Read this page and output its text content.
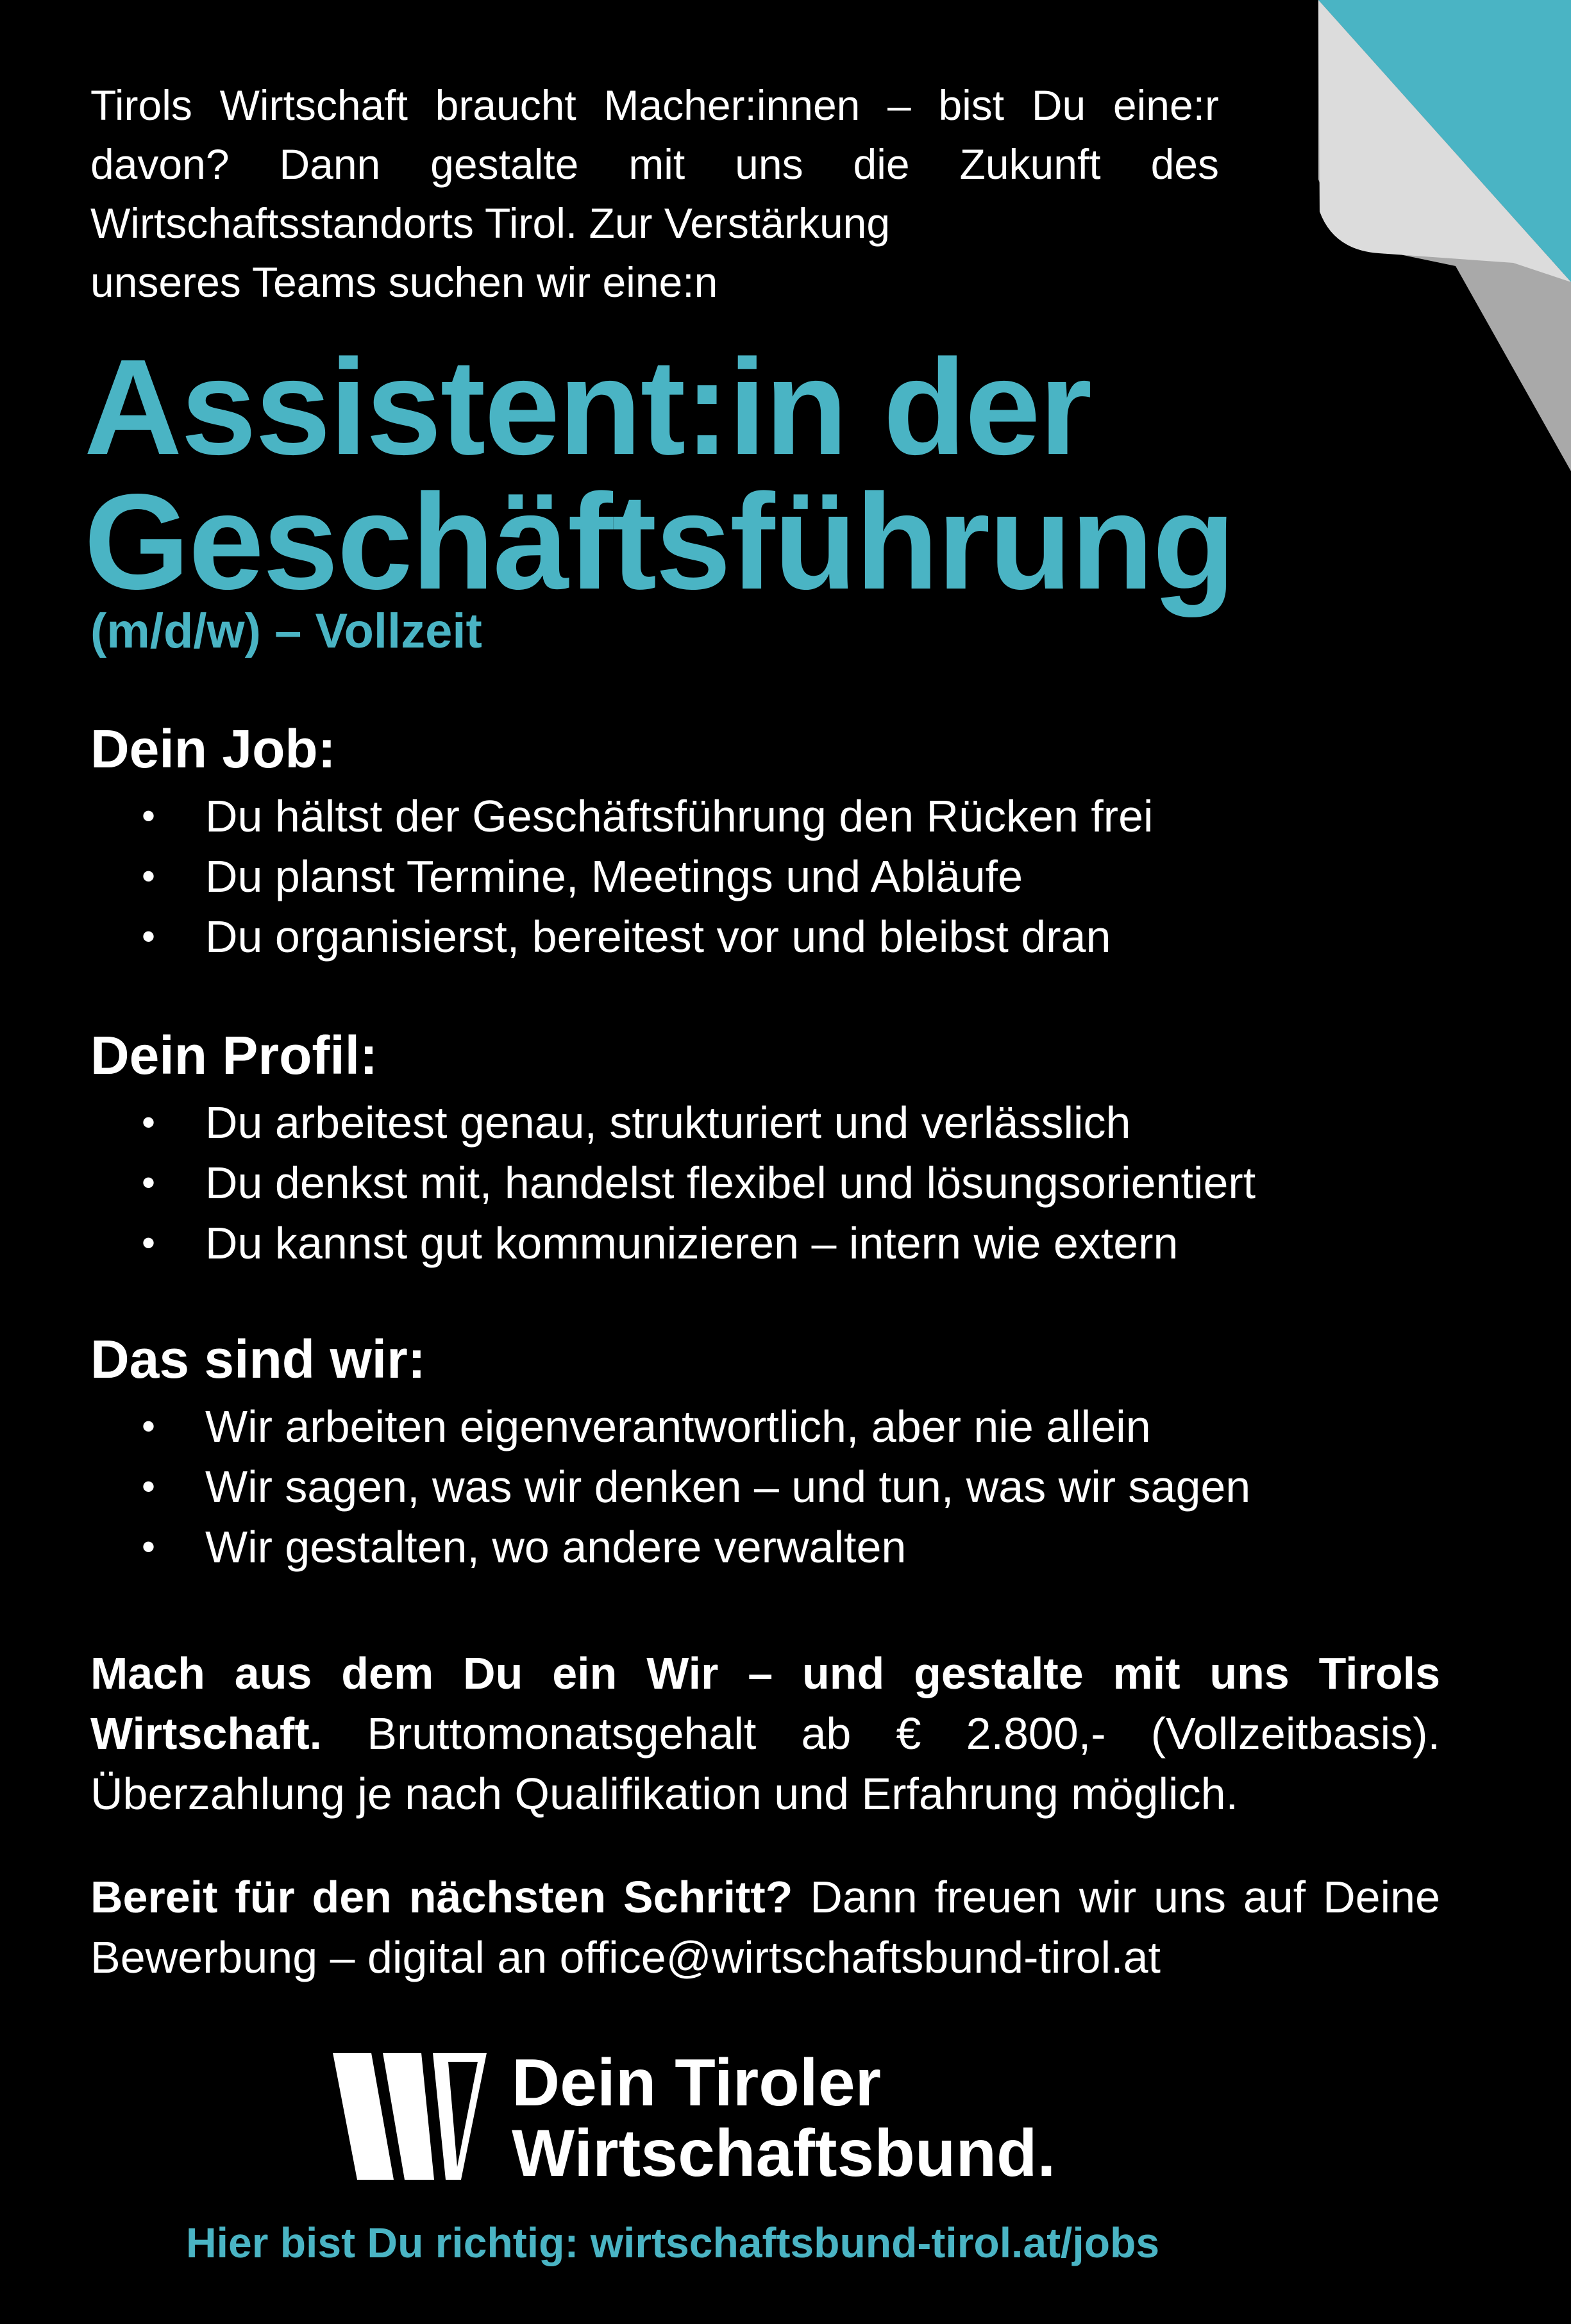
Tirols Wirtschaft braucht Macher:innen – bist Du eine:r davon? Dann gestalte mit uns die Zukunft des Wirtschaftsstandorts Tirol. Zur Verstärkung
unseres Teams suchen wir eine:n
Assistent:in der
Geschäftsführung
(m/d/w) – Vollzeit
Dein Job:
• Du hältst der Geschäftsführung den Rücken frei
• Du planst Termine, Meetings und Abläufe
• Du organisierst, bereitest vor und bleibst dran
Dein Profil:
• Du arbeitest genau, strukturiert und verlässlich
• Du denkst mit, handelst flexibel und lösungsorientiert
• Du kannst gut kommunizieren – intern wie extern
Das sind wir:
• Wir arbeiten eigenverantwortlich, aber nie allein
• Wir sagen, was wir denken – und tun, was wir sagen
• Wir gestalten, wo andere verwalten
Mach aus dem Du ein Wir – und gestalte mit uns Tirols Wirtschaft. Bruttomonatsgehalt ab € 2.800,- (Vollzeitbasis). Überzahlung je nach Qualifikation und Erfahrung möglich.
Bereit für den nächsten Schritt? Dann freuen wir uns auf Deine Bewerbung – digital an office@wirtschaftsbund-tirol.at
Dein Tiroler
Wirtschaftsbund.
Hier bist Du richtig: wirtschaftsbund-tirol.at/jobs
